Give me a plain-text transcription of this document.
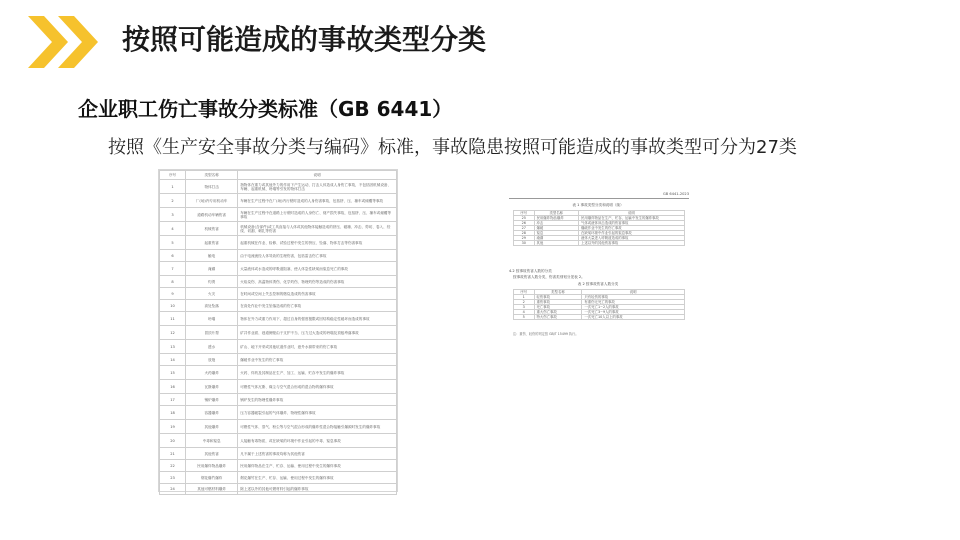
按照可能造成的事故类型分类
企业职工伤亡事故分类标准（GB 6441）
按照《生产安全事故分类与编码》标准，事故隐患按照可能造成的事故类型可分为27类
序号	类型名称	说明
1	物体打击	指物体在重力或其他外力的作用下产生运动，打击人体造成人身伤亡事故，不包括因机械设备、车辆、起重机械、坍塌等引发的物体打击
2	厂(场)内专用机动车	车辆在生产过程中在厂(场)内行驶时造成的人身伤害事故，包括挤、压、撞车或倾覆等事故
3	道路机动车辆伤害	车辆在生产过程中在道路上行驶时造成的人身伤亡、财产损失事故，包括挤、压、撞车或倾覆等事故
4	机械伤害	机械设备(含部件)或工具直接与人体或其他物体接触造成的挤压、碰撞、冲击、剪切、卷入、绞绕、切割、刺扎等伤害
5	起重伤害	起重机械在作业、检修、试验过程中发生的挤压、坠落、物体打击等伤害事故
6	触电	由于电流流经人体导致的生理伤害，包括雷击伤亡事故
7	淹溺	大量液体或水造成的呼吸道阻塞，使人体急性缺氧而窒息死亡的事故
8	灼烫	火焰烧伤、高温物体烫伤、化学灼伤、物理灼伤等造成的伤害事故
9	火灾	在时间或空间上失去控制的燃烧造成的伤害事故
10	高处坠落	在高处作业中发生坠落造成的伤亡事故
11	坍塌	物体在外力或重力作用下，超过自身的强度极限或因结构稳定性破坏而造成的事故
12	冒顶片帮	矿井作业面、巷道侧壁由于支护不当、压力过大造成的坍塌及顶板垮落事故
13	透水	矿山、地下开采或其他坑道作业时，意外水源带来的伤亡事故
14	放炮	爆破作业中发生的伤亡事故
15	火药爆炸	火药、炸药及其制品在生产、加工、运输、贮存中发生的爆炸事故
16	瓦斯爆炸	可燃性气体瓦斯、煤尘与空气混合形成的混合物的爆炸事故
17	锅炉爆炸	锅炉发生的物理性爆炸事故
18	容器爆炸	压力容器破裂引起的气体爆炸、物理性爆炸事故
19	其他爆炸	可燃性气体、蒸气、粉尘等与空气混合形成的爆炸性混合物接触引爆源时发生的爆炸事故
20	中毒和窒息	人接触有毒物质，或在缺氧的环境中作业引起的中毒、窒息事故
21	其他伤害	凡不属于上述伤害的事故均称为其他伤害
22	民用爆炸物品爆炸	民用爆炸物品在生产、贮存、运输、使用过程中发生的爆炸事故
23	烟花爆竹爆炸	烟花爆竹在生产、贮存、运输、使用过程中发生的爆炸事故
24	其他可燃材料爆炸	除上述以外的其他可燃材料引起的爆炸事故
GB 6441-2023
表 1 事故类型分类和说明（续）
序号	类型名称	说明
25	民用爆炸物品爆炸	民用爆炸物品在生产、贮存、运输中发生的爆炸事故
26	冲击	气体或液体冲击造成的伤害事故
27	爆破	爆破作业中发生的伤亡事故
28	窒息	在缺氧环境中作业引起的窒息事故
29	淹溺	液体大量进入呼吸道造成的事故
30	其他	上述以外的其他伤害事故
4.2 按事故伤害人数的分类
按事故伤害人数分类，伤害类别划分见表 2。
表 2 按事故伤害人数分类
序号	类型名称	说明
1	轻伤事故	只有轻伤的事故
2	重伤事故	有重伤无死亡的事故
3	死亡事故	一次死亡1~2人的事故
4	重大伤亡事故	一次死亡3~9人的事故
5	特大伤亡事故	一次死亡10人以上的事故
注：重伤、轻伤的判定按 GB/T 15499 执行。
